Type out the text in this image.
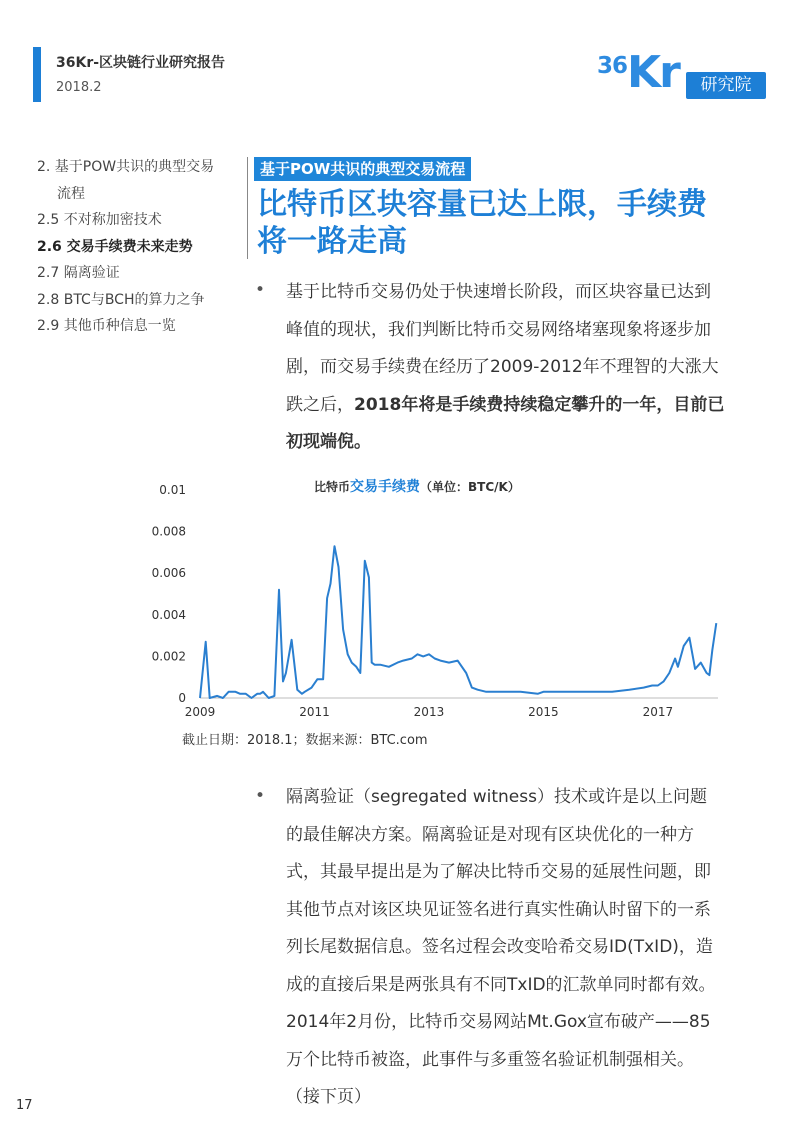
36Kr-区块链行业研究报告
2018.2
36 Kr	研究院
2. 基于POW共识的典型交易
流程
2.5 不对称加密技术
2.6 交易手续费未来走势
2.7 隔离验证
2.8 BTC与BCH的算力之争
2.9 其他币种信息一览
基于POW共识的典型交易流程
比特币区块容量已达上限，手续费将一路走高
• 基于比特币交易仍处于快速增长阶段，而区块容量已达到峰值的现状，我们判断比特币交易网络堵塞现象将逐步加剧，而交易手续费在经历了2009-2012年不理智的大涨大跌之后，2018年将是手续费持续稳定攀升的一年，目前已初现端倪。
0
0.002
0.004
0.006
0.008
0.01
2009	2011	2013	2015	2017
比特币交易手续费（单位：BTC/K）
截止日期：2018.1；数据来源：BTC.com
• 隔离验证（segregated witness）技术或许是以上问题的最佳解决方案。隔离验证是对现有区块优化的一种方式，其最早提出是为了解决比特币交易的延展性问题，即其他节点对该区块见证签名进行真实性确认时留下的一系列长尾数据信息。签名过程会改变哈希交易ID(TxID)，造成的直接后果是两张具有不同TxID的汇款单同时都有效。2014年2月份，比特币交易网站Mt.Gox宣布破产——85万个比特币被盗，此事件与多重签名验证机制强相关。（接下页）
17
